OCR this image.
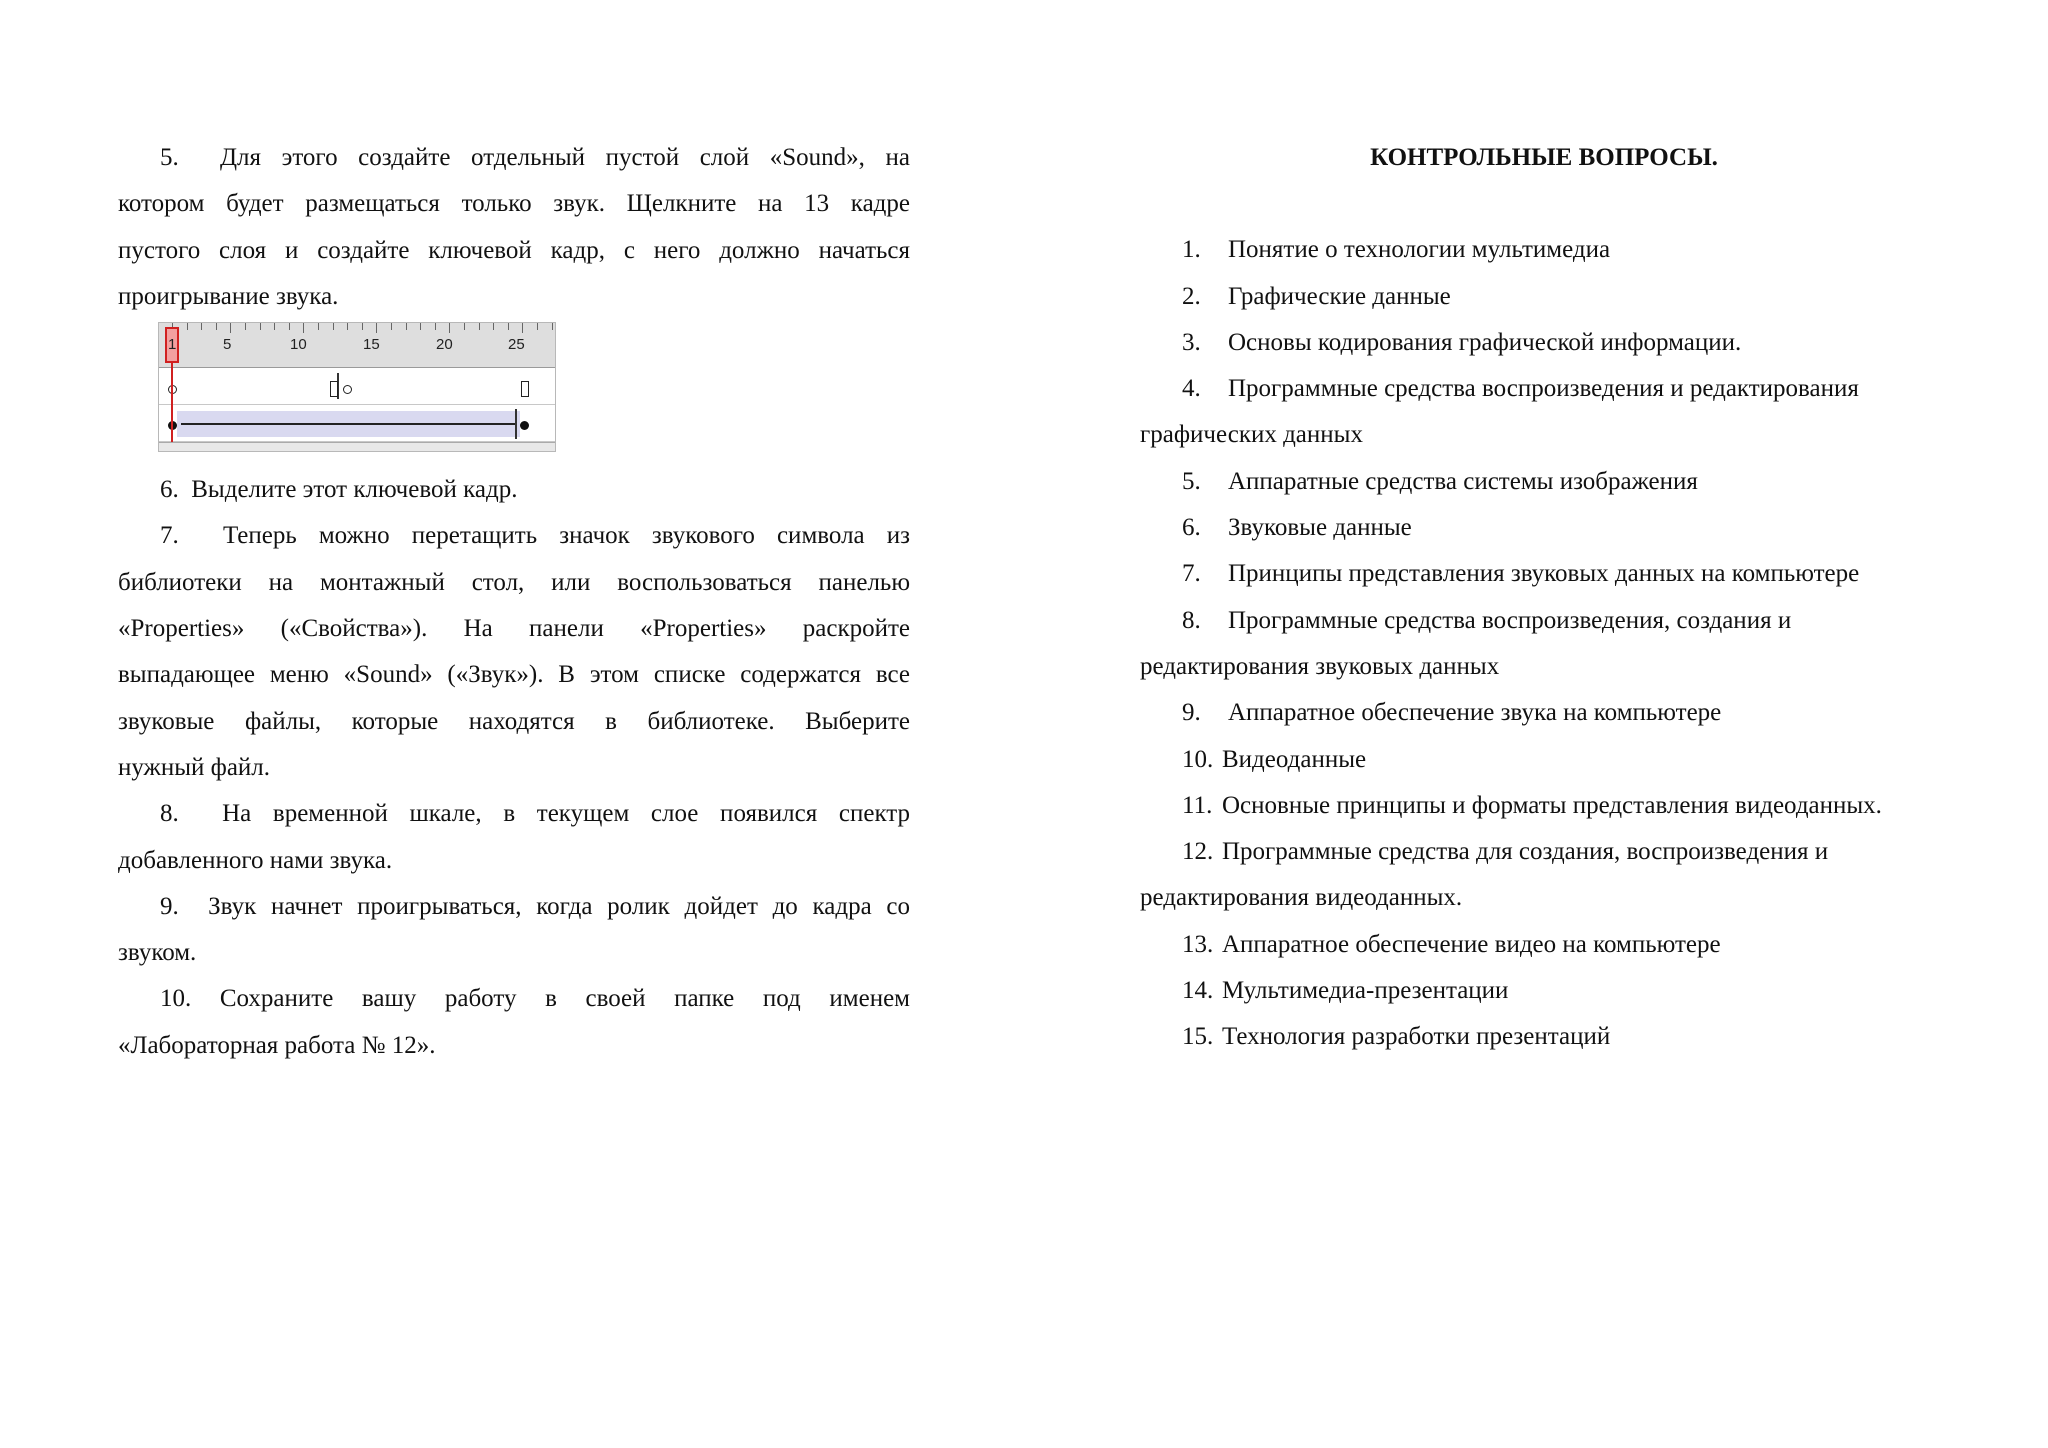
5.  Для этого создайте отдельный пустой слой «Sound», на
котором будет размещаться только звук. Щелкните на 13 кадре
пустого слоя и создайте ключевой кадр, с него должно начаться
проигрывание звука.
6.  Выделите этот ключевой кадр.
7.  Теперь можно перетащить значок звукового символа из
библиотеки на монтажный стол, или воспользоваться панелью
«Properties» («Свойства»). На панели «Properties» раскройте
выпадающее меню «Sound» («Звук»). В этом списке содержатся все
звуковые файлы, которые находятся в библиотеке. Выберите
нужный файл.
8.  На временной шкале, в текущем слое появился спектр
добавленного нами звука.
9.  Звук начнет проигрываться, когда ролик дойдет до кадра со
звуком.
10. Сохраните вашу работу в своей папке под именем
«Лабораторная работа № 12».
1	5	10	15	20	25
КОНТРОЛЬНЫЕ ВОПРОСЫ.
1. Понятие о технологии мультимедиа
2. Графические данные
3. Основы кодирования графической информации.
4. Программные средства воспроизведения и редактирования
графических данных
5. Аппаратные средства системы изображения
6. Звуковые данные
7. Принципы представления звуковых данных на компьютере
8. Программные средства воспроизведения, создания и
редактирования звуковых данных
9. Аппаратное обеспечение звука на компьютере
10. Видеоданные
11. Основные принципы и форматы представления видеоданных.
12. Программные средства для создания, воспроизведения и
редактирования видеоданных.
13. Аппаратное обеспечение видео на компьютере
14. Мультимедиа-презентации
15. Технология разработки презентаций
